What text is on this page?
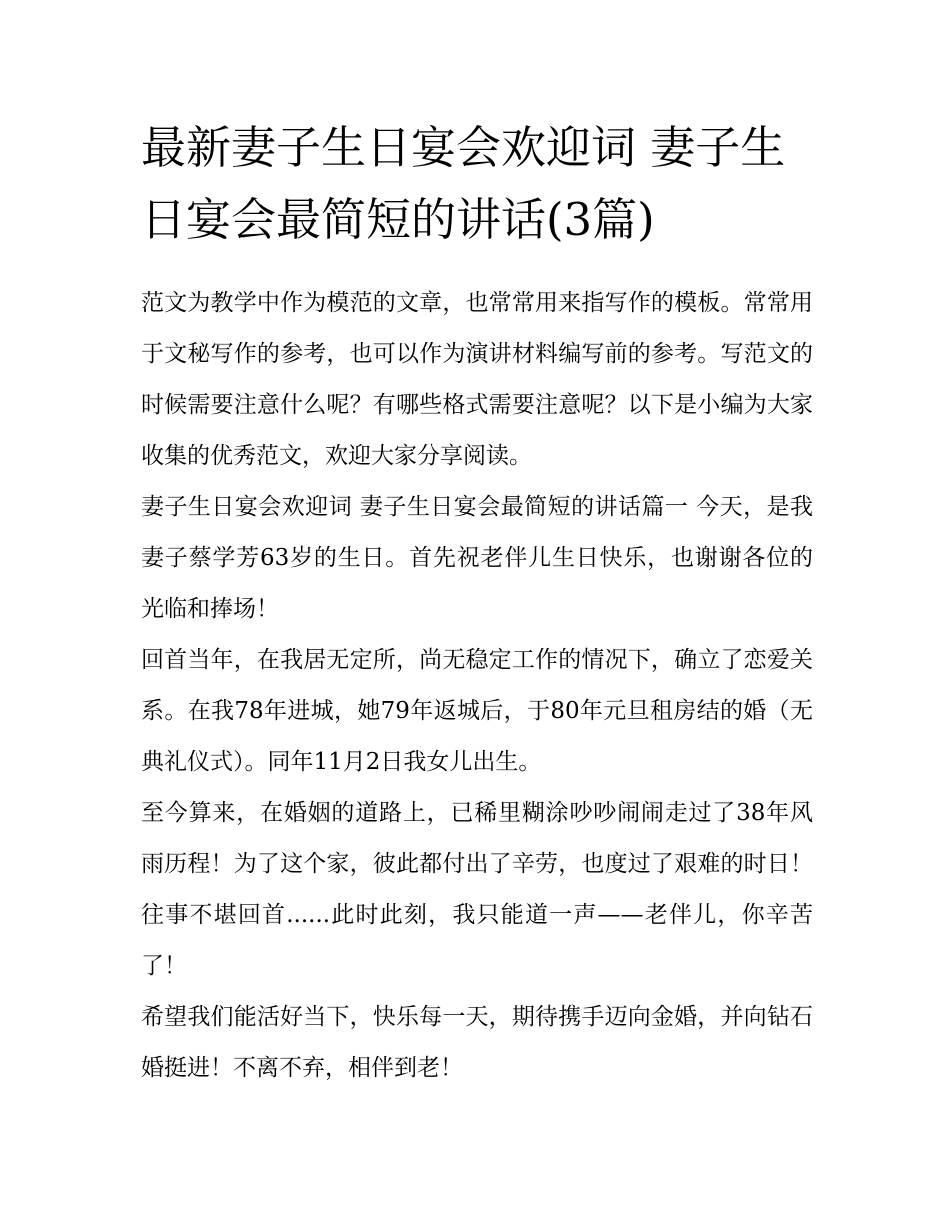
最新妻子生日宴会欢迎词 妻子生日宴会最简短的讲话(3篇)

范文为教学中作为模范的文章，也常常用来指写作的模板。常常用于文秘写作的参考，也可以作为演讲材料编写前的参考。写范文的时候需要注意什么呢？有哪些格式需要注意呢？以下是小编为大家收集的优秀范文，欢迎大家分享阅读。

妻子生日宴会欢迎词 妻子生日宴会最简短的讲话篇一 今天，是我妻子蔡学芳63岁的生日。首先祝老伴儿生日快乐，也谢谢各位的光临和捧场！

回首当年，在我居无定所，尚无稳定工作的情况下，确立了恋爱关系。在我78年进城，她79年返城后，于80年元旦租房结的婚（无典礼仪式）。同年11月2日我女儿出生。

至今算来，在婚姻的道路上，已稀里糊涂吵吵闹闹走过了38年风雨历程！为了这个家，彼此都付出了辛劳，也度过了艰难的时日！往事不堪回首......此时此刻，我只能道一声——老伴儿，你辛苦了！

希望我们能活好当下，快乐每一天，期待携手迈向金婚，并向钻石婚挺进！不离不弃，相伴到老！
